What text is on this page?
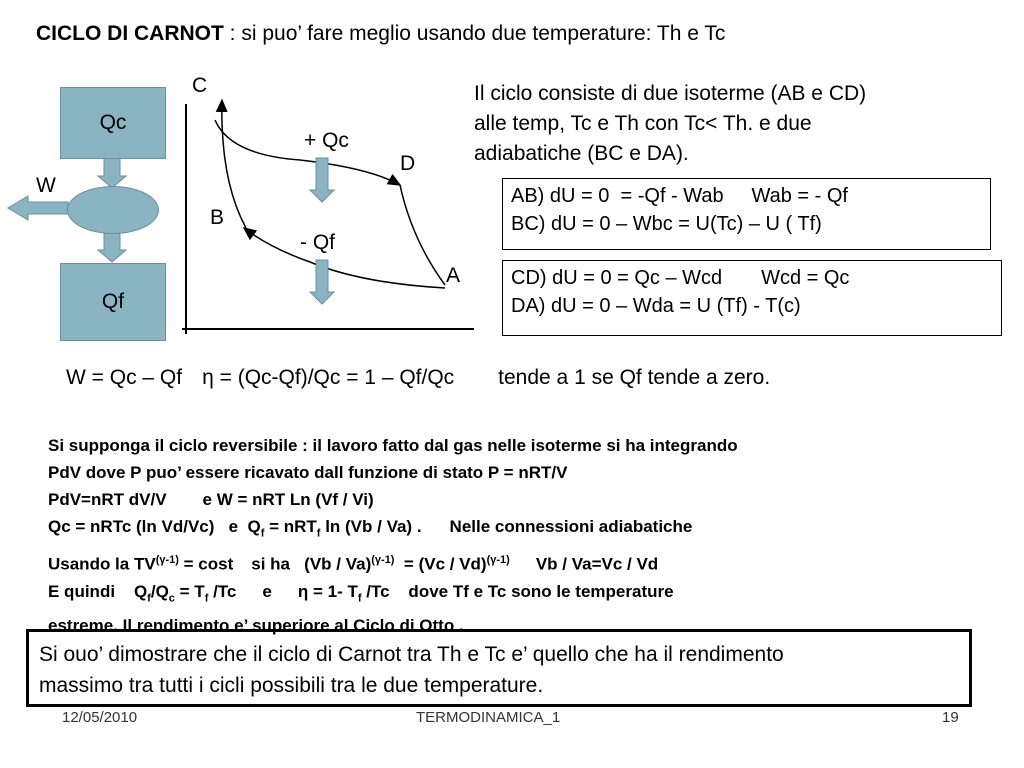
CICLO DI CARNOT : si puo’ fare meglio usando due temperature: Th e Tc
Qc
Qf
W
C
D
B
A
+ Qc
- Qf
Il ciclo consiste di due isoterme (AB e CD)
alle temp, Tc e Th con Tc< Th. e due
adiabatiche (BC e DA).
AB) dU = 0  = -Qf - Wab     Wab = - Qf
BC) dU = 0 – Wbc = U(Tc) – U ( Tf)
CD) dU = 0 = Qc – Wcd       Wcd = Qc
DA) dU = 0 – Wda = U (Tf) - T(c)
W = Qc – Qf η = (Qc-Qf)/Qc = 1 – Qf/Qc tende a 1 se Qf tende a zero.
Si supponga il ciclo reversibile : il lavoro fatto dal gas nelle isoterme si ha integrando
PdV dove P puo’ essere ricavato dall funzione di stato P = nRT/V
PdV=nRT dV/V e W = nRT Ln (Vf / Vi)
Qc = nRTc (ln Vd/Vc)   e  $Q_f = nRT_f$ ln (Vb / Va) . Nelle connessioni adiabatiche
Usando la $TV^{(\gamma-1)} = \cos t$ si ha   (Vb / Va)$^{(\gamma-1)}$  = (Vc / Vd)$^{(\gamma-1)}$ Vb / Va=Vc / Vd
E quindi    $Q_f/Q_c = T_f$ /Tc e η = 1- $T_f$ /Tc    dove Tf e Tc sono le temperature
estreme. Il rendimento e’ superiore al Ciclo di Otto .
Si ouo’ dimostrare che il ciclo di Carnot tra Th e Tc e’ quello che ha il rendimento
massimo tra tutti i cicli possibili tra le due temperature.
12/05/2010	TERMODINAMICA_1	19
